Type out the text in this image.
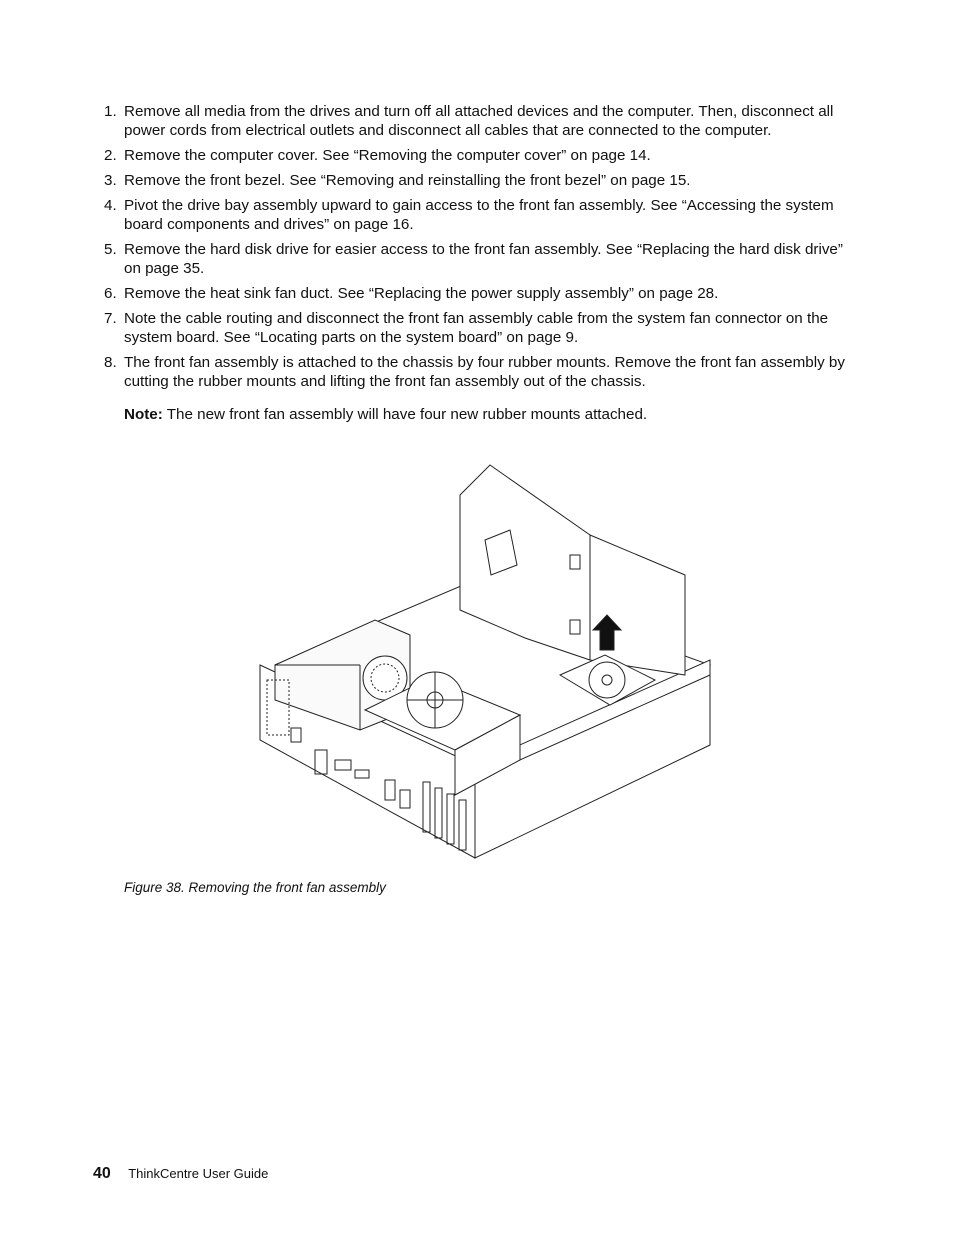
1. Remove all media from the drives and turn off all attached devices and the computer. Then, disconnect all power cords from electrical outlets and disconnect all cables that are connected to the computer.
2. Remove the computer cover. See “Removing the computer cover” on page 14.
3. Remove the front bezel. See “Removing and reinstalling the front bezel” on page 15.
4. Pivot the drive bay assembly upward to gain access to the front fan assembly. See “Accessing the system board components and drives” on page 16.
5. Remove the hard disk drive for easier access to the front fan assembly. See “Replacing the hard disk drive” on page 35.
6. Remove the heat sink fan duct. See “Replacing the power supply assembly” on page 28.
7. Note the cable routing and disconnect the front fan assembly cable from the system fan connector on the system board. See “Locating parts on the system board” on page 9.
8. The front fan assembly is attached to the chassis by four rubber mounts. Remove the front fan assembly by cutting the rubber mounts and lifting the front fan assembly out of the chassis.
Note: The new front fan assembly will have four new rubber mounts attached.
Figure 38. Removing the front fan assembly
40 ThinkCentre User Guide
